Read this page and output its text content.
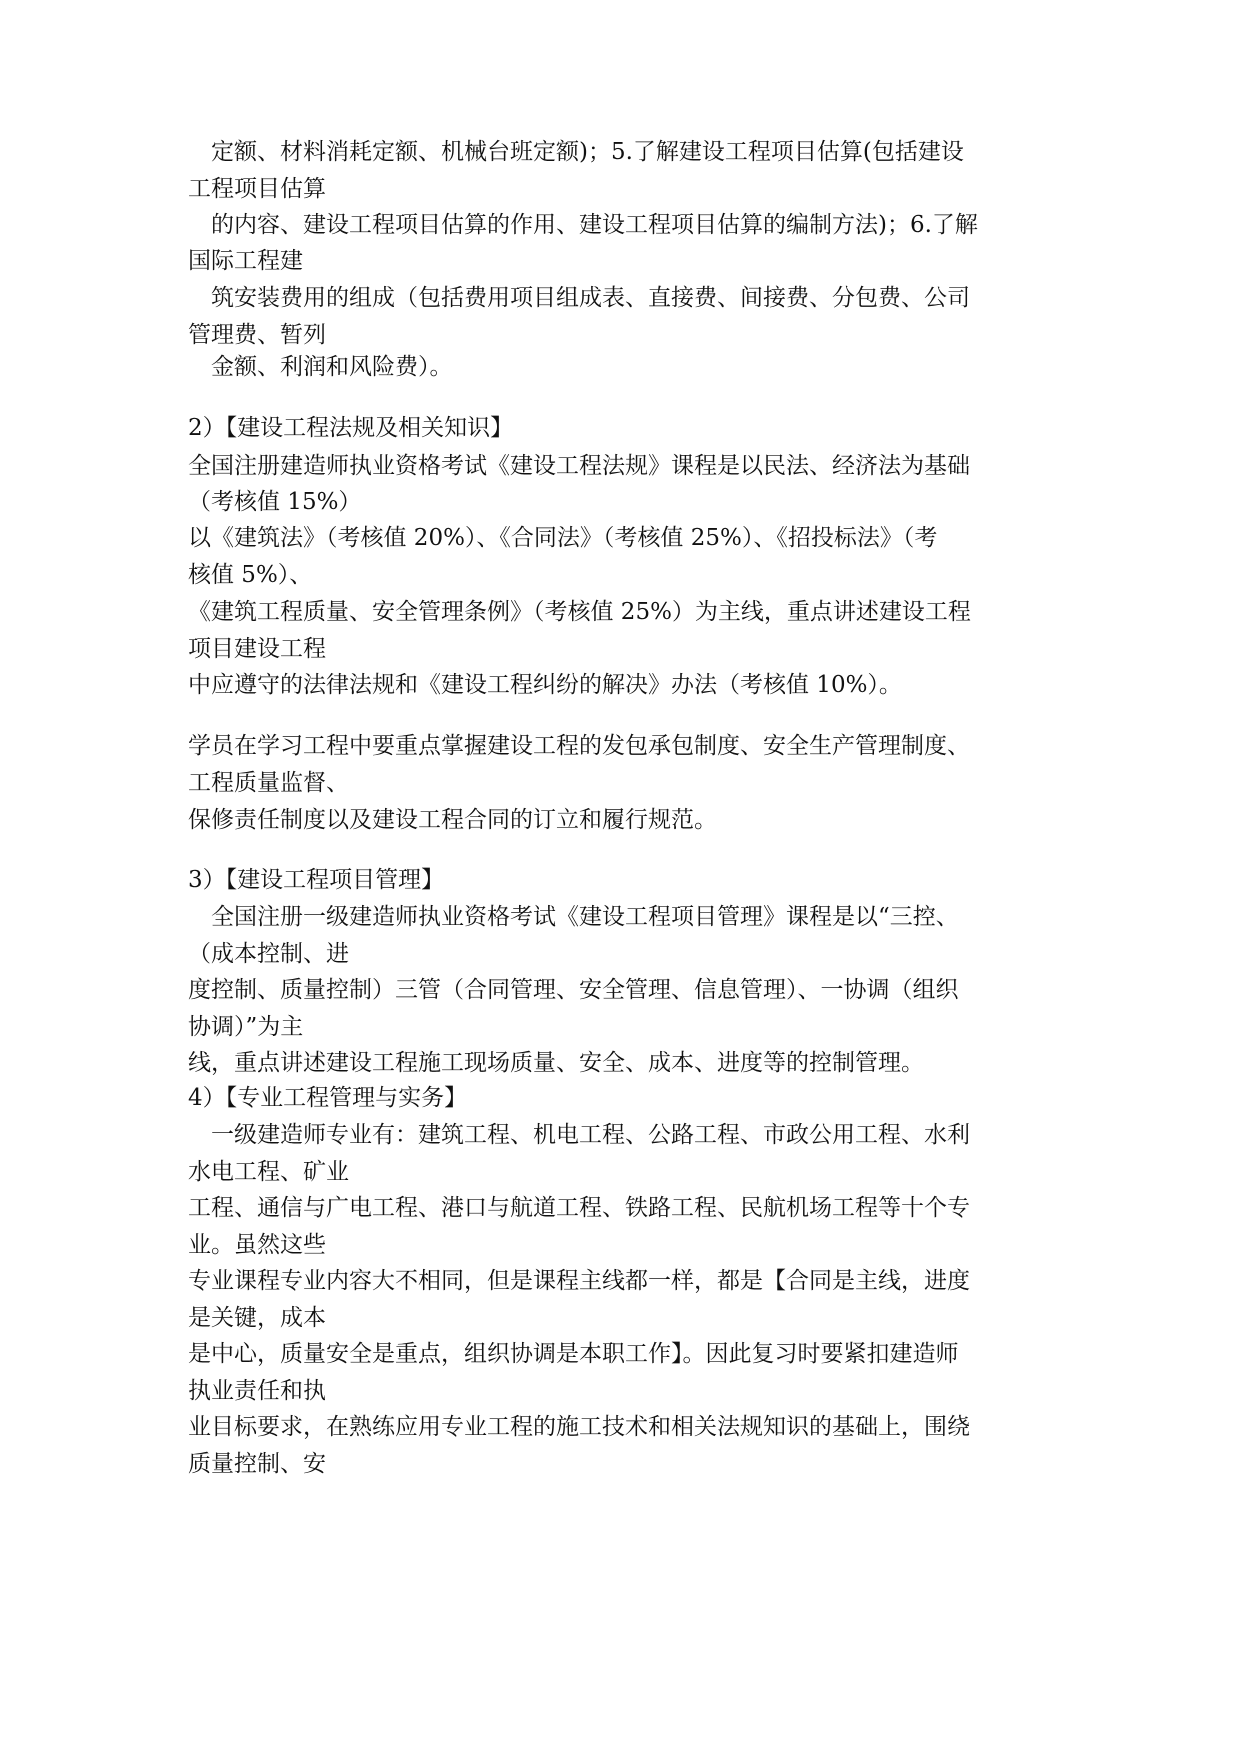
　定额、材料消耗定额、机械台班定额)；5.了解建设工程项目估算(包括建设
工程项目估算
　的内容、建设工程项目估算的作用、建设工程项目估算的编制方法)；6.了解
国际工程建
　筑安装费用的组成（包括费用项目组成表、直接费、间接费、分包费、公司
管理费、暂列
　金额、利润和风险费）。
2）【建设工程法规及相关知识】
全国注册建造师执业资格考试《建设工程法规》课程是以民法、经济法为基础
（考核值 15%）
以《建筑法》（考核值 20%）、《合同法》（考核值 25%）、《招投标法》（考
核值 5%）、
《建筑工程质量、安全管理条例》（考核值 25%）为主线，重点讲述建设工程
项目建设工程
中应遵守的法律法规和《建设工程纠纷的解决》办法（考核值 10%）。
学员在学习工程中要重点掌握建设工程的发包承包制度、安全生产管理制度、
工程质量监督、
保修责任制度以及建设工程合同的订立和履行规范。
3）【建设工程项目管理】
　全国注册一级建造师执业资格考试《建设工程项目管理》课程是以“三控、
（成本控制、进
度控制、质量控制）三管（合同管理、安全管理、信息管理）、一协调（组织
协调）”为主
线，重点讲述建设工程施工现场质量、安全、成本、进度等的控制管理。
4）【专业工程管理与实务】
　一级建造师专业有：建筑工程、机电工程、公路工程、市政公用工程、水利
水电工程、矿业
工程、通信与广电工程、港口与航道工程、铁路工程、民航机场工程等十个专
业。虽然这些
专业课程专业内容大不相同，但是课程主线都一样，都是【合同是主线，进度
是关键，成本
是中心，质量安全是重点，组织协调是本职工作】。因此复习时要紧扣建造师
执业责任和执
业目标要求，在熟练应用专业工程的施工技术和相关法规知识的基础上，围绕
质量控制、安
